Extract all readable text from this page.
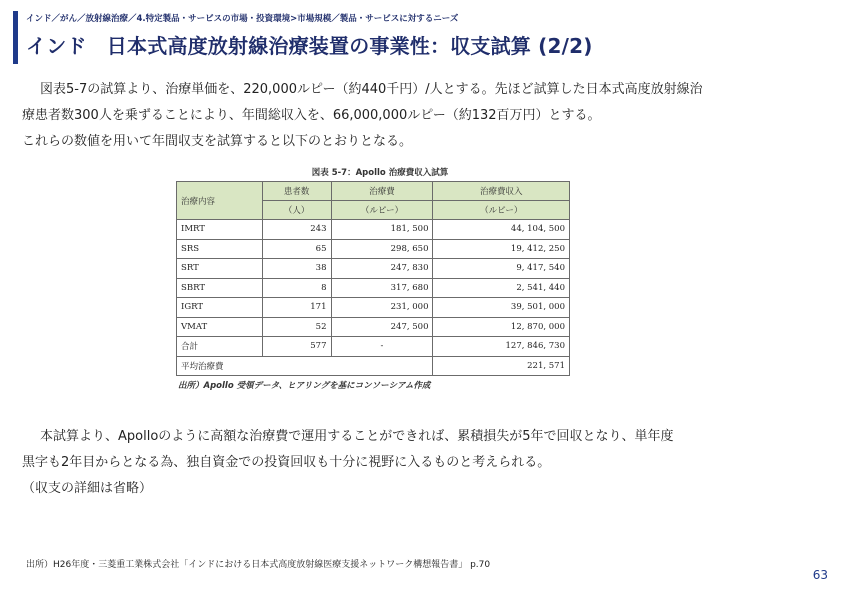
インド／がん／放射線治療／4.特定製品・サービスの市場・投資環境>市場規模／製品・サービスに対するニーズ
インド　日本式高度放射線治療装置の事業性：収支試算 (2/2)
図表5-7の試算より、治療単価を、220,000ルピー（約440千円）/人とする。先ほど試算した日本式高度放射線治
療患者数300人を乗ずることにより、年間総収入を、66,000,000ルピー（約132百万円）とする。
これらの数値を用いて年間収支を試算すると以下のとおりとなる。
図表 5-7：Apollo 治療費収入試算
治療内容	患者数	治療費	治療費収入
	（人）	（ルピー）	（ルピー）
IMRT	243	181, 500	44, 104, 500
SRS	65	298, 650	19, 412, 250
SRT	38	247, 830	9, 417, 540
SBRT	8	317, 680	2, 541, 440
IGRT	171	231, 000	39, 501, 000
VMAT	52	247, 500	12, 870, 000
合計	577	-	127, 846, 730
平均治療費			221, 571
出所）Apollo 受領データ、ヒアリングを基にコンソーシアム作成
本試算より、Apolloのように高額な治療費で運用することができれば、累積損失が5年で回収となり、単年度
黒字も2年目からとなる為、独自資金での投資回収も十分に視野に入るものと考えられる。
（収支の詳細は省略）
出所）H26年度・三菱重工業株式会社「インドにおける日本式高度放射線医療支援ネットワーク構想報告書」 p.70
63
